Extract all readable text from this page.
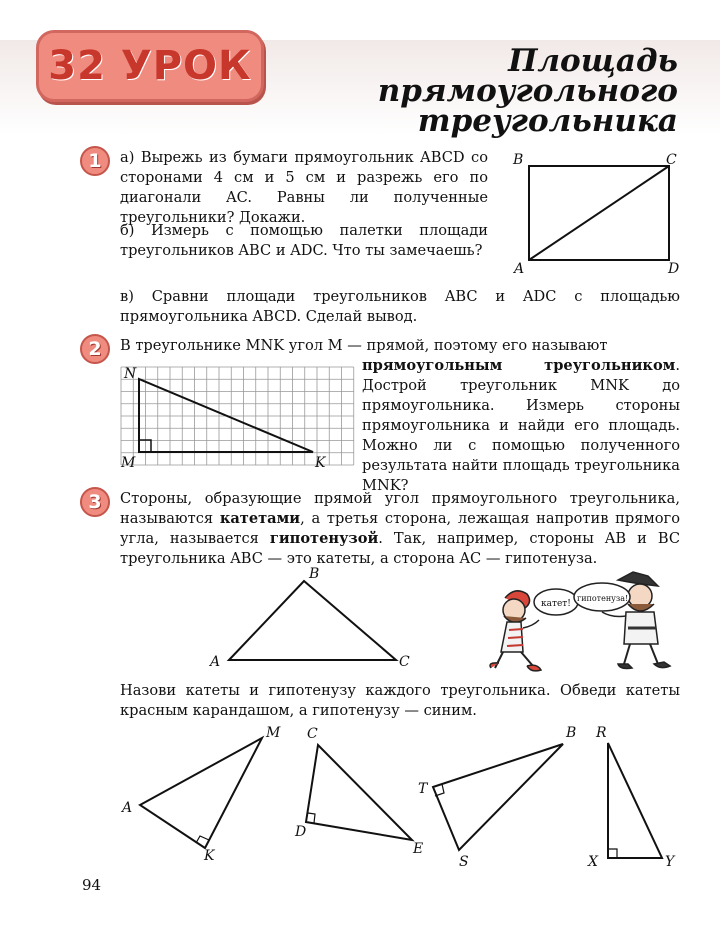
32 УРОК	Площадь
прямоугольного
треугольника
1	а) Вырежь из бумаги прямоугольник ABCD со сторонами 4 см и 5 см и разрежь его по диагонали AC. Равны ли полученные треугольники? Докажи.
б) Измерь с помощью палетки площади треугольников ABC и ADC. Что ты замечаешь?
в) Сравни площади треугольников ABC и ADC с площадью прямоугольника ABCD. Сделай вывод.
B	C
A	D
2	В треугольнике MNK угол M — прямой, поэтому его называют
прямоугольным треугольником. Дострой треугольник MNK до прямоугольника. Измерь стороны прямоугольника и найди его площадь. Можно ли с помощью полученного результата найти площадь треугольника MNK?
N
M	K
3	Стороны, образующие прямой угол прямоугольного треугольника, называются катетами, а третья сторона, лежащая напротив прямого угла, называется гипотенузой. Так, например, стороны AB и BC треугольника ABC — это катеты, а сторона AC — гипотенуза.
B
A	C
катет!
гипотенуза!
Назови катеты и гипотенузу каждого треугольника. Обведи катеты красным карандашом, а гипотенузу — синим.
M
A
K
C
D
E
B
T
S
R
X	Y
94
